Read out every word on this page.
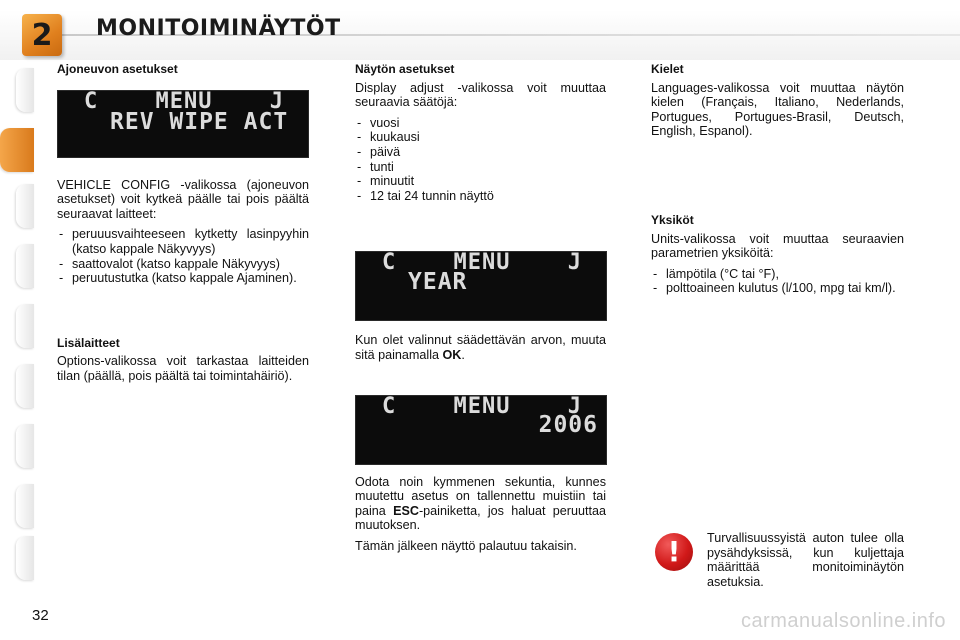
2 MONITOIMINÄYTÖT
Ajoneuvon asetukset
C	MENU	J
REV WIPE ACT

VEHICLE CONFIG -valikossa (ajoneuvon asetukset) voit kytkeä päälle tai pois päältä seuraavat laitteet:

- peruuusvaihteeseen kytketty lasinpyyhin (katso kappale Näkyvyys)
- saattovalot (katso kappale Näkyvyys)
- peruutustutka (katso kappale Ajaminen).
Lisälaitteet

Options-valikossa voit tarkastaa laitteiden tilan (päällä, pois päältä tai toimintahäiriö).

Näytön asetukset

Display adjust -valikossa voit muuttaa seuraavia säätöjä:

- vuosi
- kuukausi
- päivä
- tunti
- minuutit
- 12 tai 24 tunnin näyttö
C	MENU	J
YEAR

Kun olet valinnut säädettävän arvon, muuta sitä painamalla OK.

C	MENU	J
2006

Odota noin kymmenen sekuntia, kunnes muutettu asetus on tallennettu muistiin tai paina ESC-painiketta, jos haluat peruuttaa muutoksen.

Tämän jälkeen näyttö palautuu takaisin.

Kielet

Languages-valikossa voit muuttaa näytön kielen (Français, Italiano, Nederlands, Portugues, Portugues-Brasil, Deutsch, English, Espanol).

Yksiköt

Units-valikossa voit muuttaa seuraavien parametrien yksiköitä:

- lämpötila (°C tai °F),
- polttoaineen kulutus (l/100, mpg tai km/l).
!	Turvallisuussyistä auton tulee olla pysähdyksissä, kun kuljettaja määrittää monitoiminäytön asetuksia.
32	carmanualsonline.info
